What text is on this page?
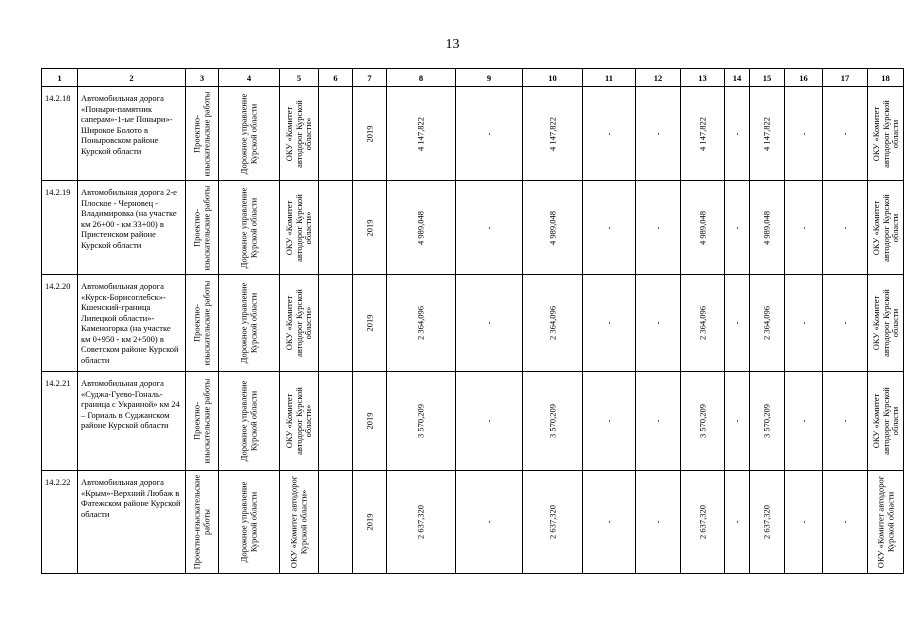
13
1	2	3	4	5	6	7	8	9	10	11	12	13	14	15	16	17	18
14.2.18	Автомобильная дорога «Поныри-памятник саперам»-1-ые Поныри»-Широкое Болото в Поныровском районе Курской области	Проектно-изыскательские работы	Дорожное управление Курской области	ОКУ «Комитет автодорог Курской области»		2019	4 147,822	-	4 147,822	-	-	4 147,822	-	4 147,822	-	-	ОКУ «Комитет автодорог Курской области

14.2.19	Автомобильная дорога 2-е Плоское - Черновец - Владимировка (на участке км 26+00 - км 33+00) в Пристенском районе Курской области	Проектно-изыскательские работы	Дорожное управление Курской области	ОКУ «Комитет автодорог Курской области»		2019	4 989,048	-	4 989,048	-	-	4 989,048	-	4 989,048	-	-	ОКУ «Комитет автодорог Курской области

14.2.20	Автомобильная дорога «Курск-Борисоглебск»-Кшенский-граница Липецкой области»-Каменогорка (на участке км 0+950 - км 2+500) в Советском районе Курской области	Проектно-изыскательские работы	Дорожное управление Курской области	ОКУ «Комитет автодорог Курской области»		2019	2 364,096	-	2 364,096	-	-	2 364,096	-	2 364,096	-	-	ОКУ «Комитет автодорог Курской области

14.2.21	Автомобильная дорога «Суджа-Гуево-Гональ-граница с Украиной» км 24 – Гориаль в Суджанском районе Курской области	Проектно-изыскательские работы	Дорожное управление Курской области	ОКУ «Комитет автодорог Курской области»		2019	3 570,209	-	3 570,209	-	-	3 570,209	-	3 570,209	-	-	ОКУ «Комитет автодорог Курской области

14.2.22	Автомобильная дорога «Крым»-Верхний Любаж в Фатежском районе Курской области	Проектно-изыскательские работы	Дорожное управление Курской области	ОКУ «Комитет автодорог Курской области»		2019	2 637,320	-	2 637,320	-	-	2 637,320	-	2 637,320	-	-	ОКУ «Комитет автодорог Курской области
